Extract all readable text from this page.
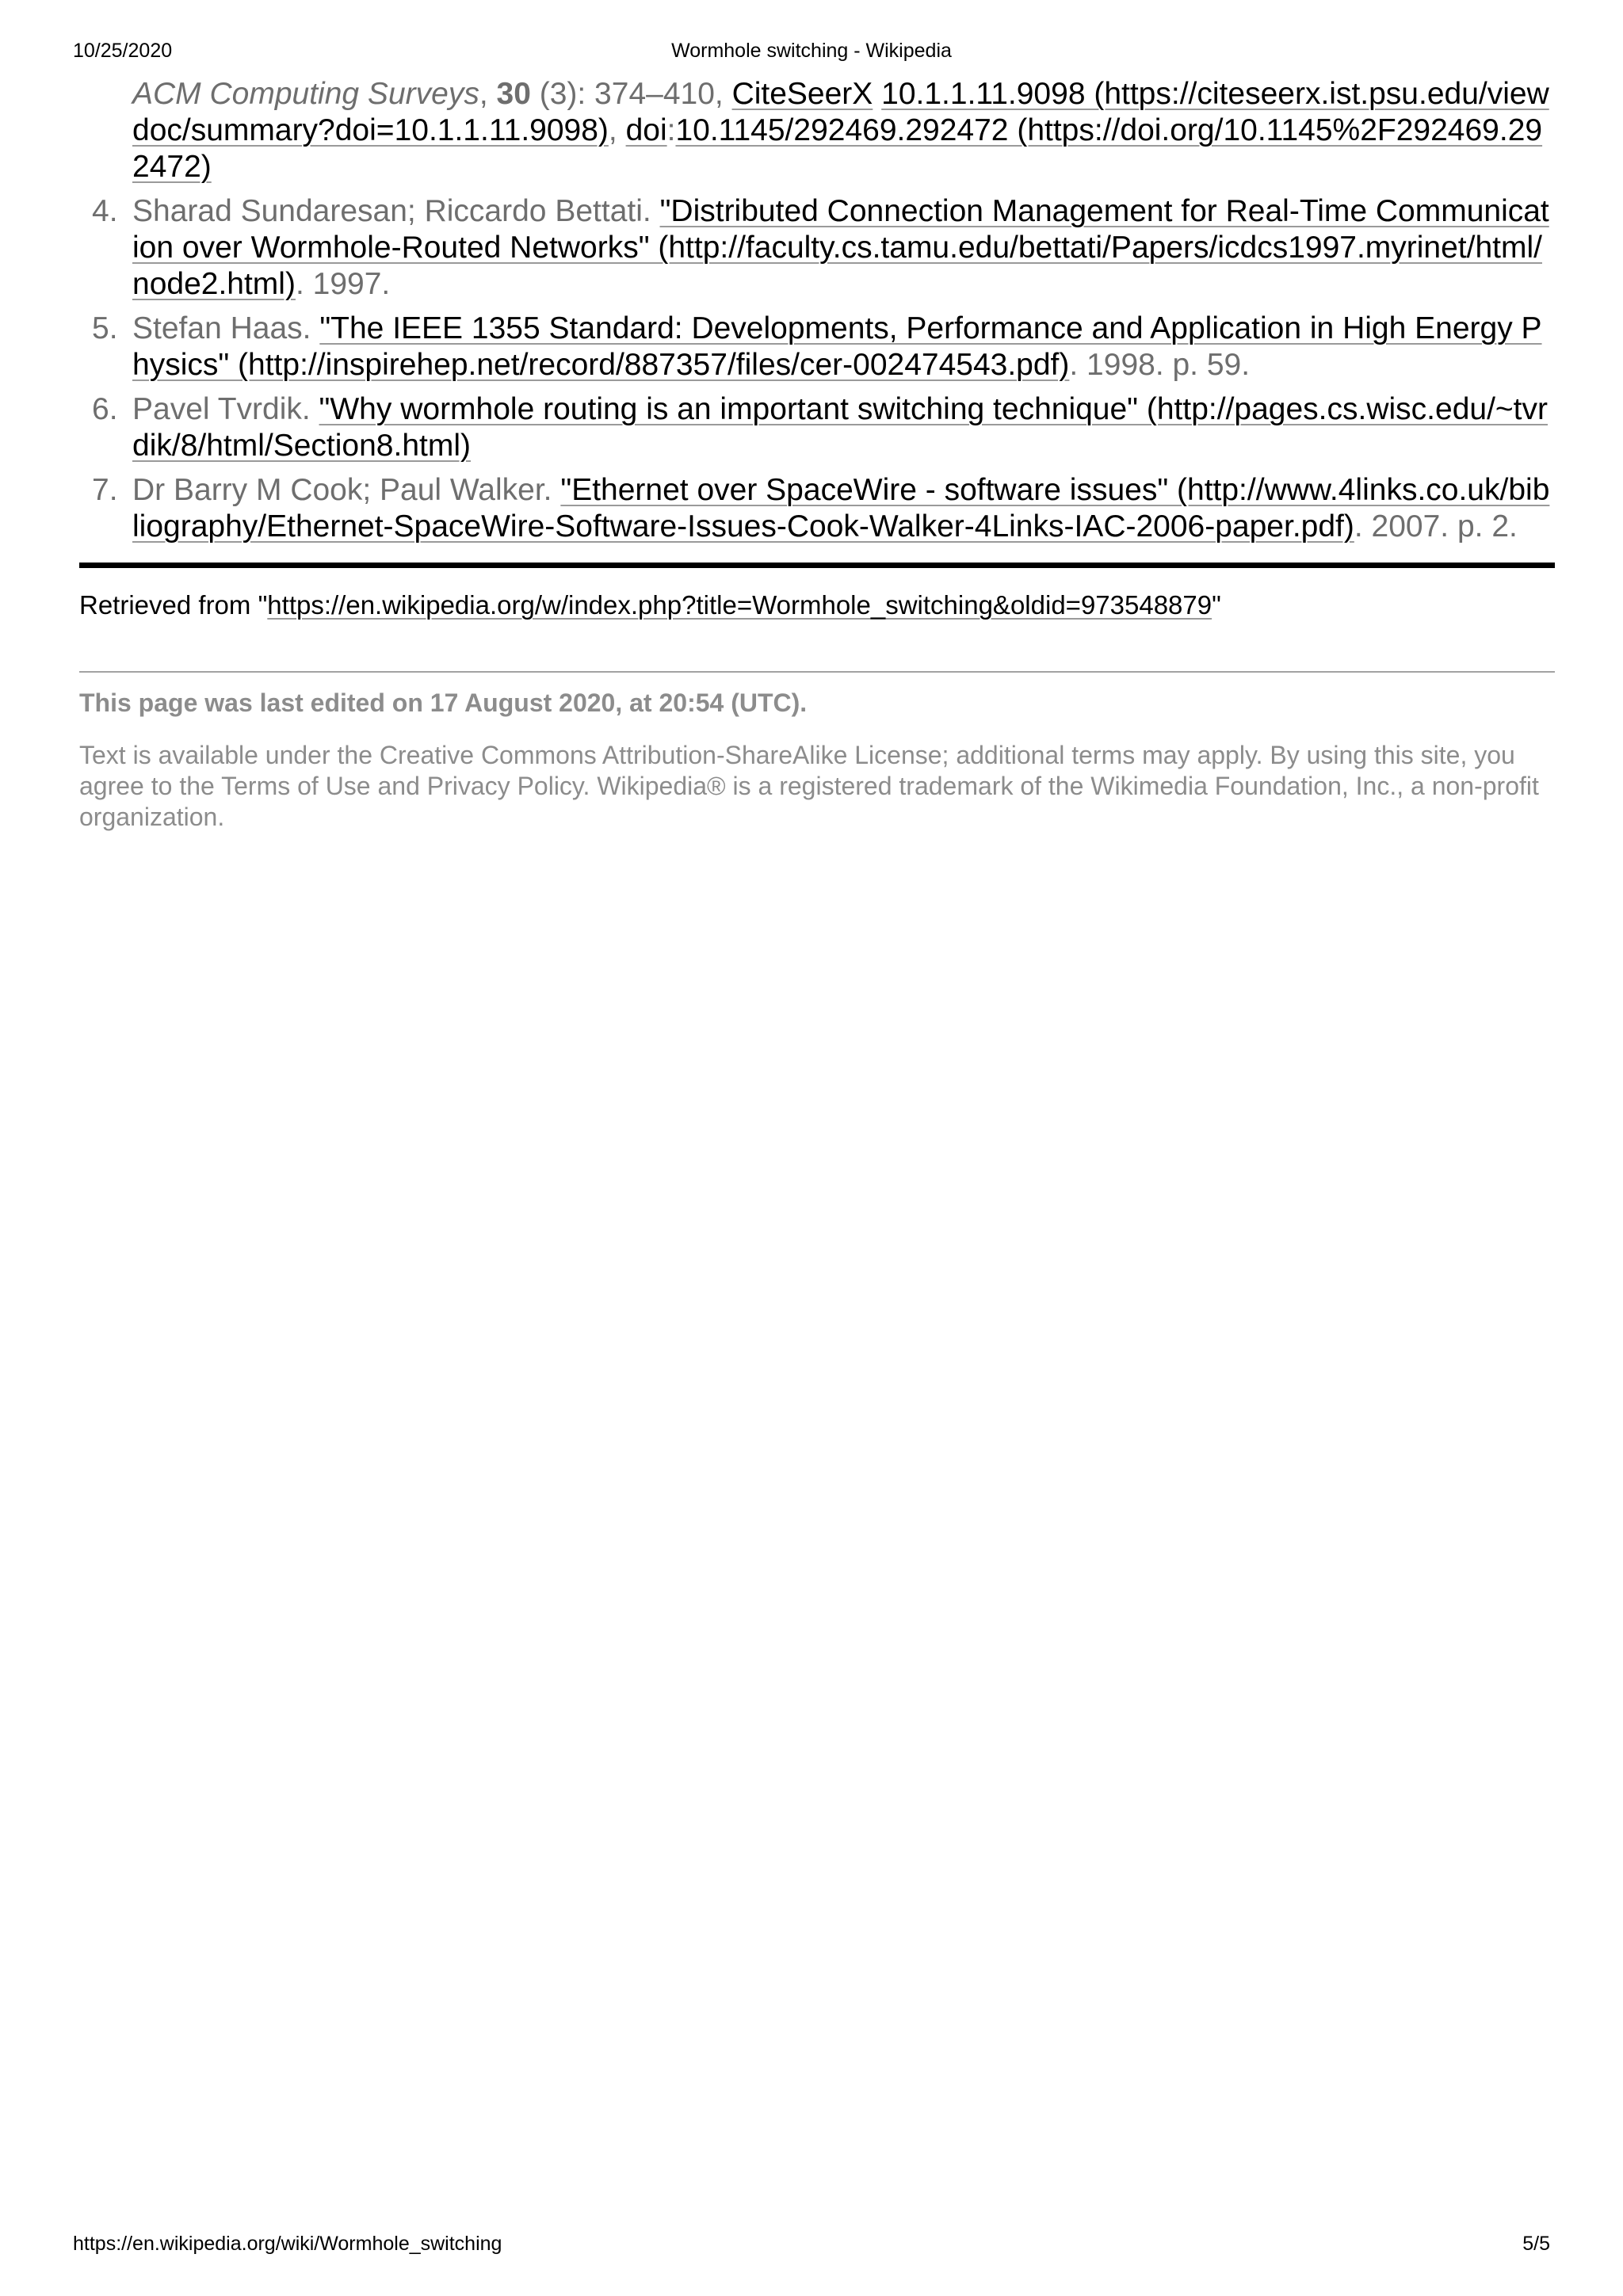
10/25/2020	Wormhole switching - Wikipedia
ACM Computing Surveys, 30 (3): 374–410, CiteSeerX 10.1.1.11.9098 (https://citeseerx.ist.psu.edu/viewdoc/summary?doi=10.1.1.11.9098), doi:10.1145/292469.292472 (https://doi.org/10.1145%2F292469.292472)
4. Sharad Sundaresan; Riccardo Bettati. "Distributed Connection Management for Real-Time Communication over Wormhole-Routed Networks" (http://faculty.cs.tamu.edu/bettati/Papers/icdcs1997.myrinet/html/node2.html). 1997.
5. Stefan Haas. "The IEEE 1355 Standard: Developments, Performance and Application in High Energy Physics" (http://inspirehep.net/record/887357/files/cer-002474543.pdf). 1998. p. 59.
6. Pavel Tvrdik. "Why wormhole routing is an important switching technique" (http://pages.cs.wisc.edu/~tvrdik/8/html/Section8.html)
7. Dr Barry M Cook; Paul Walker. "Ethernet over SpaceWire - software issues" (http://www.4links.co.uk/bibliography/Ethernet-SpaceWire-Software-Issues-Cook-Walker-4Links-IAC-2006-paper.pdf). 2007. p. 2.
Retrieved from "https://en.wikipedia.org/w/index.php?title=Wormhole_switching&oldid=973548879"
This page was last edited on 17 August 2020, at 20:54 (UTC).
Text is available under the Creative Commons Attribution-ShareAlike License; additional terms may apply. By using this site, you agree to the Terms of Use and Privacy Policy. Wikipedia® is a registered trademark of the Wikimedia Foundation, Inc., a non-profit organization.
https://en.wikipedia.org/wiki/Wormhole_switching	5/5
